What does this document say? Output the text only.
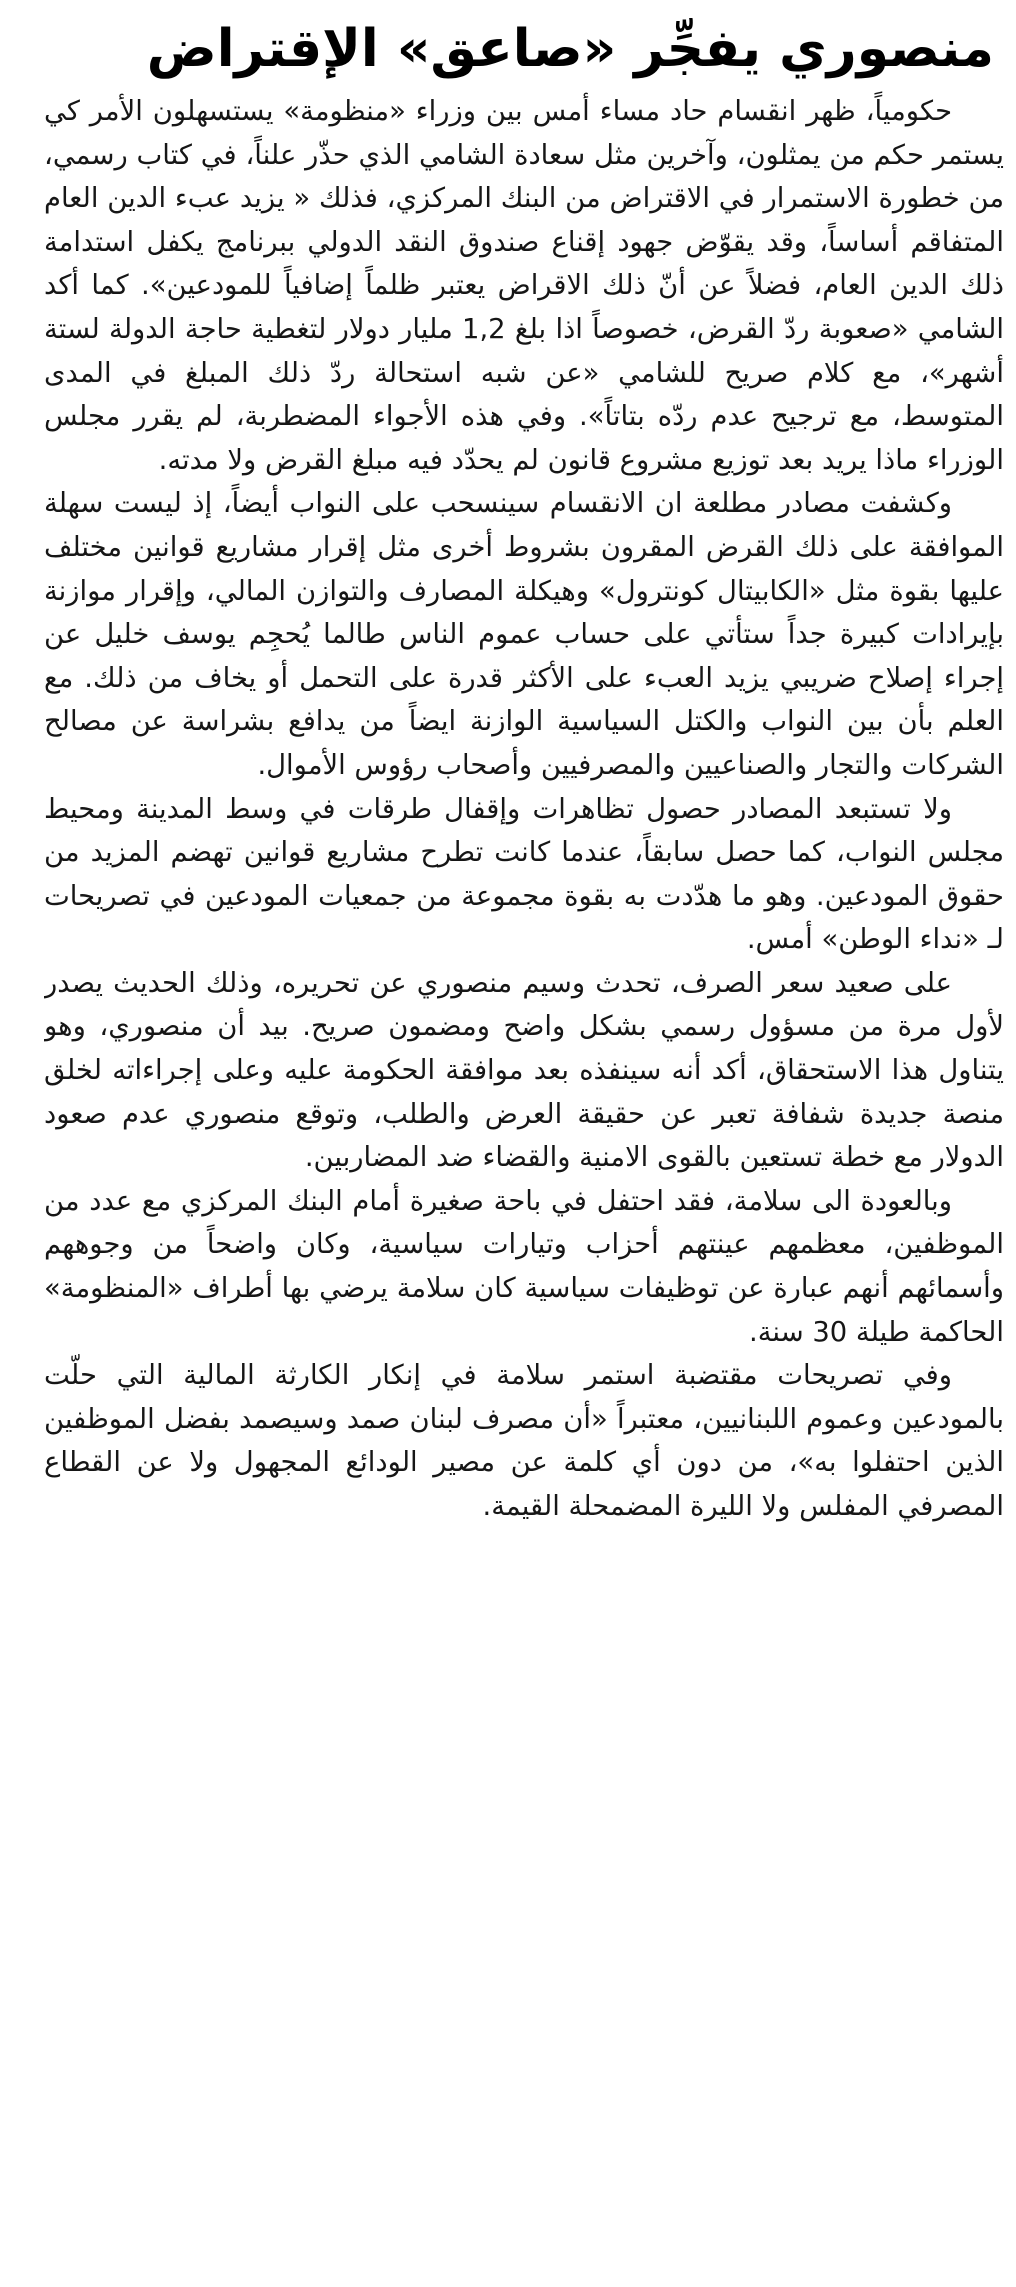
منصوري يفجِّر «صاعق» الإقتراض

حكومياً، ظهر انقسام حاد مساء أمس بين وزراء «منظومة» يستسهلون الأمر كي يستمر حكم من يمثلون، وآخرين مثل سعادة الشامي الذي حذّر علناً، في كتاب رسمي، من خطورة الاستمرار في الاقتراض من البنك المركزي، فذلك « يزيد عبء الدين العام المتفاقم أساساً، وقد يقوّض جهود إقناع صندوق النقد الدولي ببرنامج يكفل استدامة ذلك الدين العام، فضلاً عن أنّ ذلك الاقراض يعتبر ظلماً إضافياً للمودعين». كما أكد الشامي «صعوبة ردّ القرض، خصوصاً اذا بلغ 1,2 مليار دولار لتغطية حاجة الدولة لستة أشهر»، مع كلام صريح للشامي «عن شبه استحالة ردّ ذلك المبلغ في المدى المتوسط، مع ترجيح عدم ردّه بتاتاً». وفي هذه الأجواء المضطربة، لم يقرر مجلس الوزراء ماذا يريد بعد توزيع مشروع قانون لم يحدّد فيه مبلغ القرض ولا مدته.

وكشفت مصادر مطلعة ان الانقسام سينسحب على النواب أيضاً، إذ ليست سهلة الموافقة على ذلك القرض المقرون بشروط أخرى مثل إقرار مشاريع قوانين مختلف عليها بقوة مثل «الكابيتال كونترول» وهيكلة المصارف والتوازن المالي، وإقرار موازنة بإيرادات كبيرة جداً ستأتي على حساب عموم الناس طالما يُحجِم يوسف خليل عن إجراء إصلاح ضريبي يزيد العبء على الأكثر قدرة على التحمل أو يخاف من ذلك. مع العلم بأن بين النواب والكتل السياسية الوازنة ايضاً من يدافع بشراسة عن مصالح الشركات والتجار والصناعيين والمصرفيين وأصحاب رؤوس الأموال.

ولا تستبعد المصادر حصول تظاهرات وإقفال طرقات في وسط المدينة ومحيط مجلس النواب، كما حصل سابقاً، عندما كانت تطرح مشاريع قوانين تهضم المزيد من حقوق المودعين. وهو ما هدّدت به بقوة مجموعة من جمعيات المودعين في تصريحات لـ «نداء الوطن» أمس.

على صعيد سعر الصرف، تحدث وسيم منصوري عن تحريره، وذلك الحديث يصدر لأول مرة من مسؤول رسمي بشكل واضح ومضمون صريح. بيد أن منصوري، وهو يتناول هذا الاستحقاق، أكد أنه سينفذه بعد موافقة الحكومة عليه وعلى إجراءاته لخلق منصة جديدة شفافة تعبر عن حقيقة العرض والطلب، وتوقع منصوري عدم صعود الدولار مع خطة تستعين بالقوى الامنية والقضاء ضد المضاربين.

وبالعودة الى سلامة، فقد احتفل في باحة صغيرة أمام البنك المركزي مع عدد من الموظفين، معظمهم عينتهم أحزاب وتيارات سياسية، وكان واضحاً من وجوههم وأسمائهم أنهم عبارة عن توظيفات سياسية كان سلامة يرضي بها أطراف «المنظومة» الحاكمة طيلة 30 سنة.

وفي تصريحات مقتضبة استمر سلامة في إنكار الكارثة المالية التي حلّت بالمودعين وعموم اللبنانيين، معتبراً «أن مصرف لبنان صمد وسيصمد بفضل الموظفين الذين احتفلوا به»، من دون أي كلمة عن مصير الودائع المجهول ولا عن القطاع المصرفي المفلس ولا الليرة المضمحلة القيمة.
